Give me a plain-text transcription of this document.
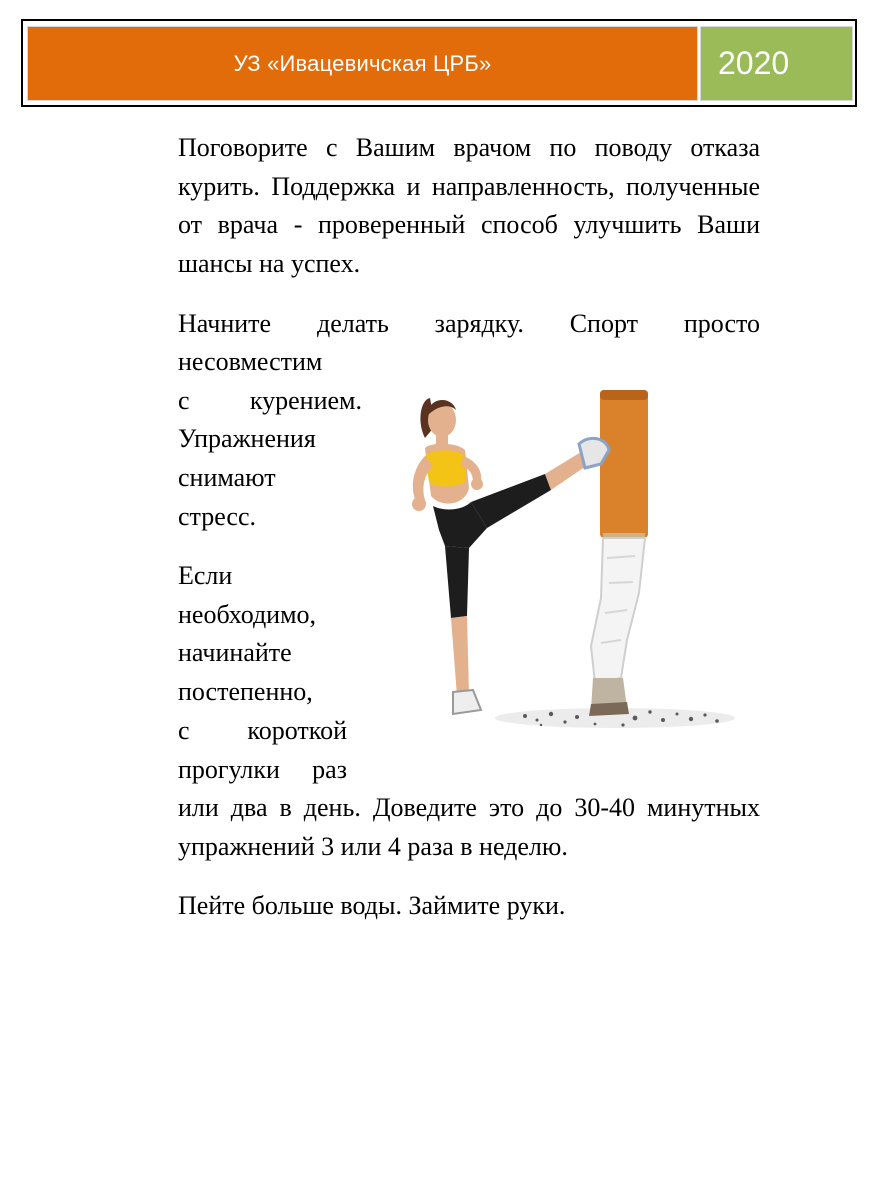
УЗ «Ивацевичская ЦРБ»	2020

Поговорите с Вашим врачом по поводу отказа курить. Поддержка и направленность, полученные от врача - проверенный способ улучшить Ваши шансы на успех.

Начните делать зарядку. Спорт просто

несовместим
с курением.
Упражнения
снимают
стресс.
Если
необходимо,
начинайте
постепенно,
с короткой
прогулки раз

или два в день. Доведите это до 30-40 минутных упражнений 3 или 4 раза в неделю.

Пейте больше воды. Займите руки.
